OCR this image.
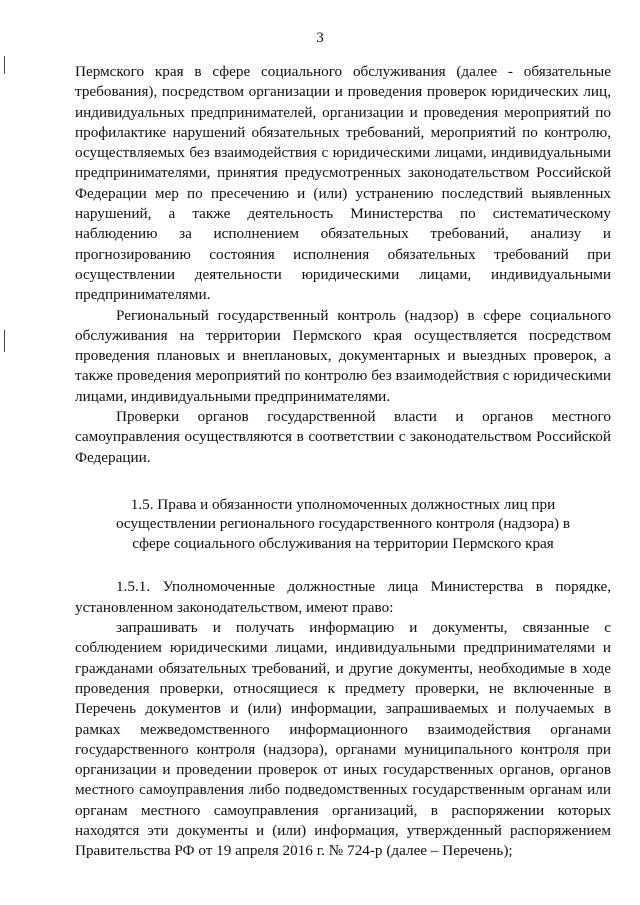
3

Пермского края в сфере социального обслуживания (далее - обязательные требования), посредством организации и проведения проверок юридических лиц, индивидуальных предпринимателей, организации и проведения мероприятий по профилактике нарушений обязательных требований, мероприятий по контролю, осуществляемых без взаимодействия с юридическими лицами, индивидуальными предпринимателями, принятия предусмотренных законодательством Российской Федерации мер по пресечению и (или) устранению последствий выявленных нарушений, а также деятельность Министерства по систематическому наблюдению за исполнением обязательных требований, анализу и прогнозированию состояния исполнения обязательных требований при осуществлении деятельности юридическими лицами, индивидуальными предпринимателями.

Региональный государственный контроль (надзор) в сфере социального обслуживания на территории Пермского края осуществляется посредством проведения плановых и внеплановых, документарных и выездных проверок, а также проведения мероприятий по контролю без взаимодействия с юридическими лицами, индивидуальными предпринимателями.

Проверки органов государственной власти и органов местного самоуправления осуществляются в соответствии с законодательством Российской Федерации.

1.5. Права и обязанности уполномоченных должностных лиц при осуществлении регионального государственного контроля (надзора) в сфере социального обслуживания на территории Пермского края

1.5.1. Уполномоченные должностные лица Министерства в порядке, установленном законодательством, имеют право:

запрашивать и получать информацию и документы, связанные с соблюдением юридическими лицами, индивидуальными предпринимателями и гражданами обязательных требований, и другие документы, необходимые в ходе проведения проверки, относящиеся к предмету проверки, не включенные в Перечень документов и (или) информации, запрашиваемых и получаемых в рамках межведомственного информационного взаимодействия органами государственного контроля (надзора), органами муниципального контроля при организации и проведении проверок от иных государственных органов, органов местного самоуправления либо подведомственных государственным органам или органам местного самоуправления организаций, в распоряжении которых находятся эти документы и (или) информация, утвержденный распоряжением Правительства РФ от 19 апреля 2016 г. № 724-р (далее – Перечень);
